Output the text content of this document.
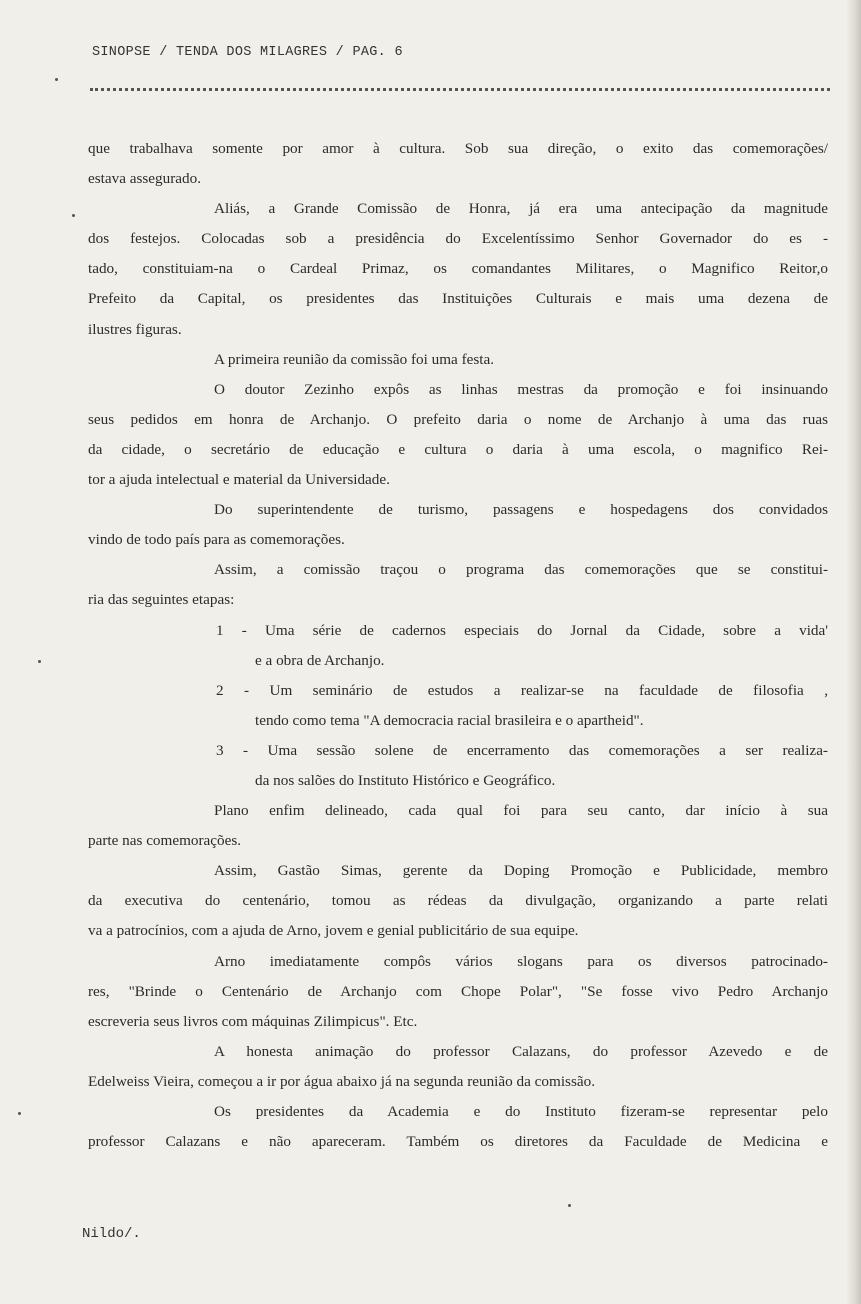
SINOPSE / TENDA DOS MILAGRES / PAG. 6
que trabalhava somente por amor à cultura. Sob sua direção, o exito das comemorações/
estava assegurado.
Aliás, a Grande Comissão de Honra, já era uma antecipação da magnitude
dos festejos. Colocadas sob a presidência do Excelentíssimo Senhor Governador do es -
tado, constituiam-na o Cardeal Primaz, os comandantes Militares, o Magnifico Reitor,o
Prefeito da Capital, os presidentes das Instituições Culturais e mais uma dezena de
ilustres figuras.
A primeira reunião da comissão foi uma festa.
O doutor Zezinho expôs as linhas mestras da promoção e foi insinuando
seus pedidos em honra de Archanjo. O prefeito daria o nome de Archanjo à uma das ruas
da cidade, o secretário de educação e cultura o daria à uma escola, o magnifico Rei-
tor a ajuda intelectual e material da Universidade.
Do superintendente de turismo, passagens e hospedagens dos convidados
vindo de todo país para as comemorações.
Assim, a comissão traçou o programa das comemorações que se constitui-
ria das seguintes etapas:
1 - Uma série de cadernos especiais do Jornal da Cidade, sobre a vida'
e a obra de Archanjo.
2 - Um seminário de estudos a realizar-se na faculdade de filosofia ,
tendo como tema "A democracia racial brasileira e o apartheid".
3 - Uma sessão solene de encerramento das comemorações a ser realiza-
da nos salões do Instituto Histórico e Geográfico.
Plano enfim delineado, cada qual foi para seu canto, dar início à sua
parte nas comemorações.
Assim, Gastão Simas, gerente da Doping Promoção e Publicidade, membro
da executiva do centenário, tomou as rédeas da divulgação, organizando a parte relati
va a patrocínios, com a ajuda de Arno, jovem e genial publicitário de sua equipe.
Arno imediatamente compôs vários slogans para os diversos patrocinado-
res, "Brinde o Centenário de Archanjo com Chope Polar", "Se fosse vivo Pedro Archanjo
escreveria seus livros com máquinas Zilimpicus". Etc.
A honesta animação do professor Calazans, do professor Azevedo e de
Edelweiss Vieira, começou a ir por água abaixo já na segunda reunião da comissão.
Os presidentes da Academia e do Instituto fizeram-se representar pelo
professor Calazans e não apareceram. Também os diretores da Faculdade de Medicina e
Nildo/.
